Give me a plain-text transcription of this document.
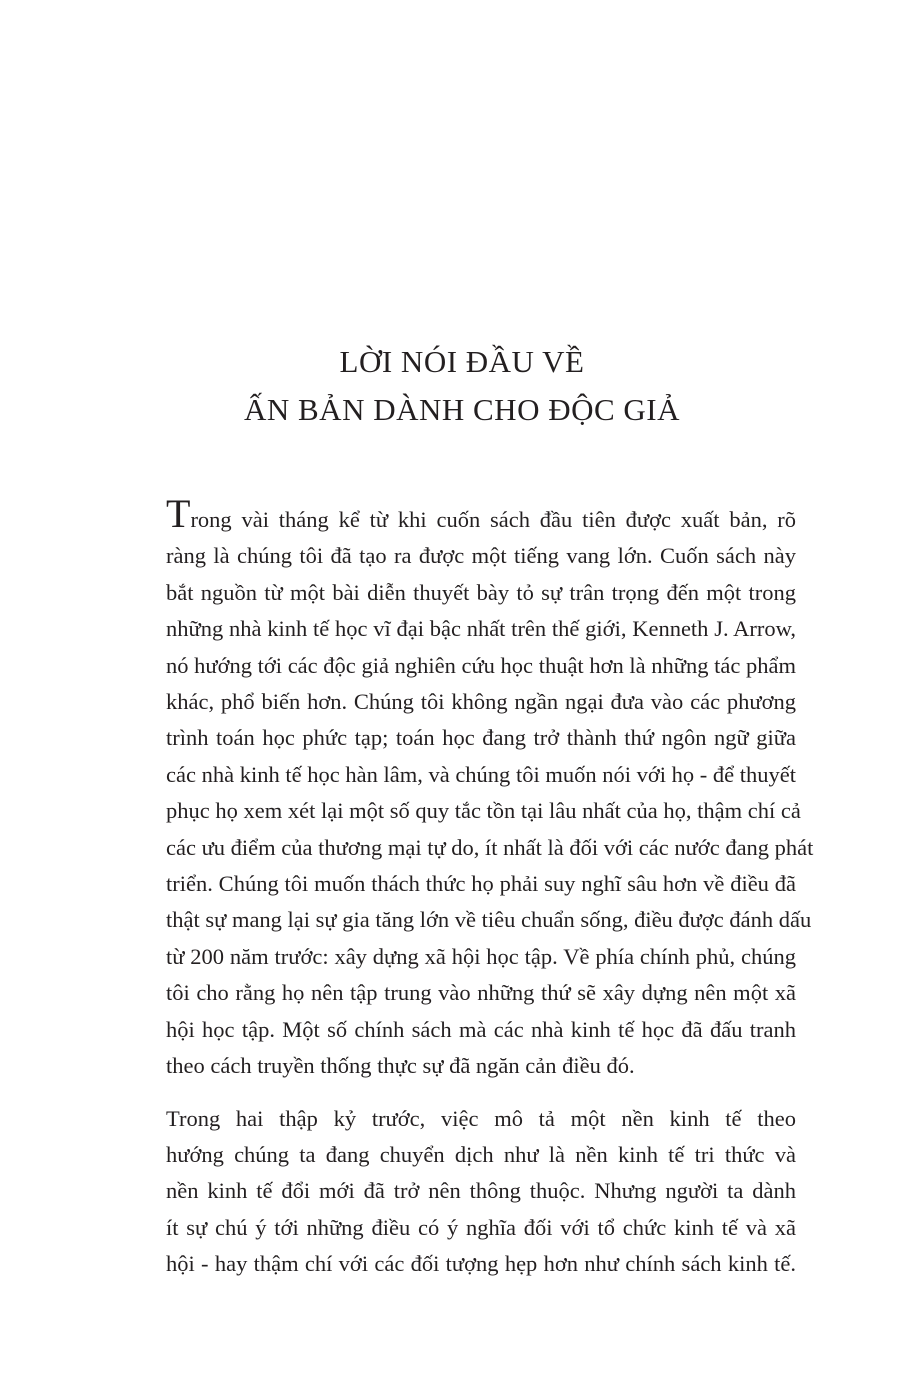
LỜI NÓI ĐẦU VỀ
ẤN BẢN DÀNH CHO ĐỘC GIẢ
Trong vài tháng kể từ khi cuốn sách đầu tiên được xuất bản, rõ
ràng là chúng tôi đã tạo ra được một tiếng vang lớn. Cuốn sách này
bắt nguồn từ một bài diễn thuyết bày tỏ sự trân trọng đến một trong
những nhà kinh tế học vĩ đại bậc nhất trên thế giới, Kenneth J. Arrow,
nó hướng tới các độc giả nghiên cứu học thuật hơn là những tác phẩm
khác, phổ biến hơn. Chúng tôi không ngần ngại đưa vào các phương
trình toán học phức tạp; toán học đang trở thành thứ ngôn ngữ giữa
các nhà kinh tế học hàn lâm, và chúng tôi muốn nói với họ - để thuyết
phục họ xem xét lại một số quy tắc tồn tại lâu nhất của họ, thậm chí cả
các ưu điểm của thương mại tự do, ít nhất là đối với các nước đang phát
triển. Chúng tôi muốn thách thức họ phải suy nghĩ sâu hơn về điều đã
thật sự mang lại sự gia tăng lớn về tiêu chuẩn sống, điều được đánh dấu
từ 200 năm trước: xây dựng xã hội học tập. Về phía chính phủ, chúng
tôi cho rằng họ nên tập trung vào những thứ sẽ xây dựng nên một xã
hội học tập. Một số chính sách mà các nhà kinh tế học đã đấu tranh
theo cách truyền thống thực sự đã ngăn cản điều đó.
Trong hai thập kỷ trước, việc mô tả một nền kinh tế theo
hướng chúng ta đang chuyển dịch như là nền kinh tế tri thức và
nền kinh tế đổi mới đã trở nên thông thuộc. Nhưng người ta dành
ít sự chú ý tới những điều có ý nghĩa đối với tổ chức kinh tế và xã
hội - hay thậm chí với các đối tượng hẹp hơn như chính sách kinh tế.
